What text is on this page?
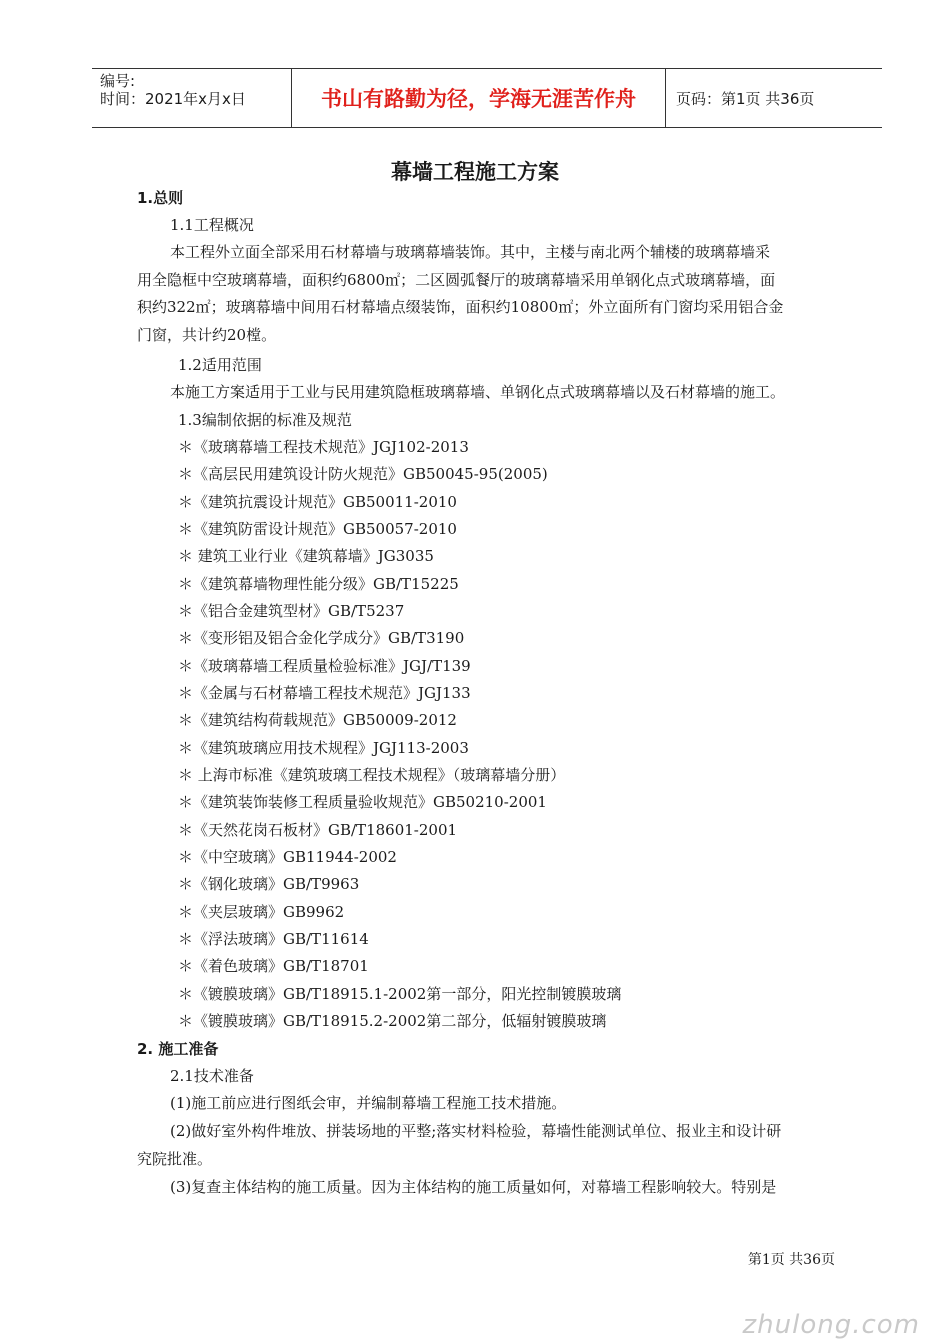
编号:
时间：2021年x月x日	书山有路勤为径，学海无涯苦作舟	页码：第1页 共36页
幕墙工程施工方案
1.总则
1.1工程概况
本工程外立面全部采用石材幕墙与玻璃幕墙装饰。其中，主楼与南北两个辅楼的玻璃幕墙采
用全隐框中空玻璃幕墙，面积约6800㎡；二区圆弧餐厅的玻璃幕墙采用单钢化点式玻璃幕墙，面
积约322㎡；玻璃幕墙中间用石材幕墙点缀装饰，面积约10800㎡；外立面所有门窗均采用铝合金
门窗，共计约20樘。
1.2适用范围
本施工方案适用于工业与民用建筑隐框玻璃幕墙、单钢化点式玻璃幕墙以及石材幕墙的施工。
1.3编制依据的标准及规范
＊《玻璃幕墙工程技术规范》JGJ102-2013
＊《高层民用建筑设计防火规范》GB50045-95(2005)
＊《建筑抗震设计规范》GB50011-2010
＊《建筑防雷设计规范》GB50057-2010
＊ 建筑工业行业《建筑幕墙》JG3035
＊《建筑幕墙物理性能分级》GB/T15225
＊《铝合金建筑型材》GB/T5237
＊《变形铝及铝合金化学成分》GB/T3190
＊《玻璃幕墙工程质量检验标准》JGJ/T139
＊《金属与石材幕墙工程技术规范》JGJ133
＊《建筑结构荷载规范》GB50009-2012
＊《建筑玻璃应用技术规程》JGJ113-2003
＊ 上海市标准《建筑玻璃工程技术规程》（玻璃幕墙分册）
＊《建筑装饰装修工程质量验收规范》GB50210-2001
＊《天然花岗石板材》GB/T18601-2001
＊《中空玻璃》GB11944-2002
＊《钢化玻璃》GB/T9963
＊《夹层玻璃》GB9962
＊《浮法玻璃》GB/T11614
＊《着色玻璃》GB/T18701
＊《镀膜玻璃》GB/T18915.1-2002第一部分，阳光控制镀膜玻璃
＊《镀膜玻璃》GB/T18915.2-2002第二部分，低辐射镀膜玻璃
2. 施工准备
2.1技术准备
(1)施工前应进行图纸会审，并编制幕墙工程施工技术措施。
(2)做好室外构件堆放、拼装场地的平整;落实材料检验，幕墙性能测试单位、报业主和设计研
究院批准。
(3)复查主体结构的施工质量。因为主体结构的施工质量如何，对幕墙工程影响较大。特别是
第1页 共36页
zhulong.com
